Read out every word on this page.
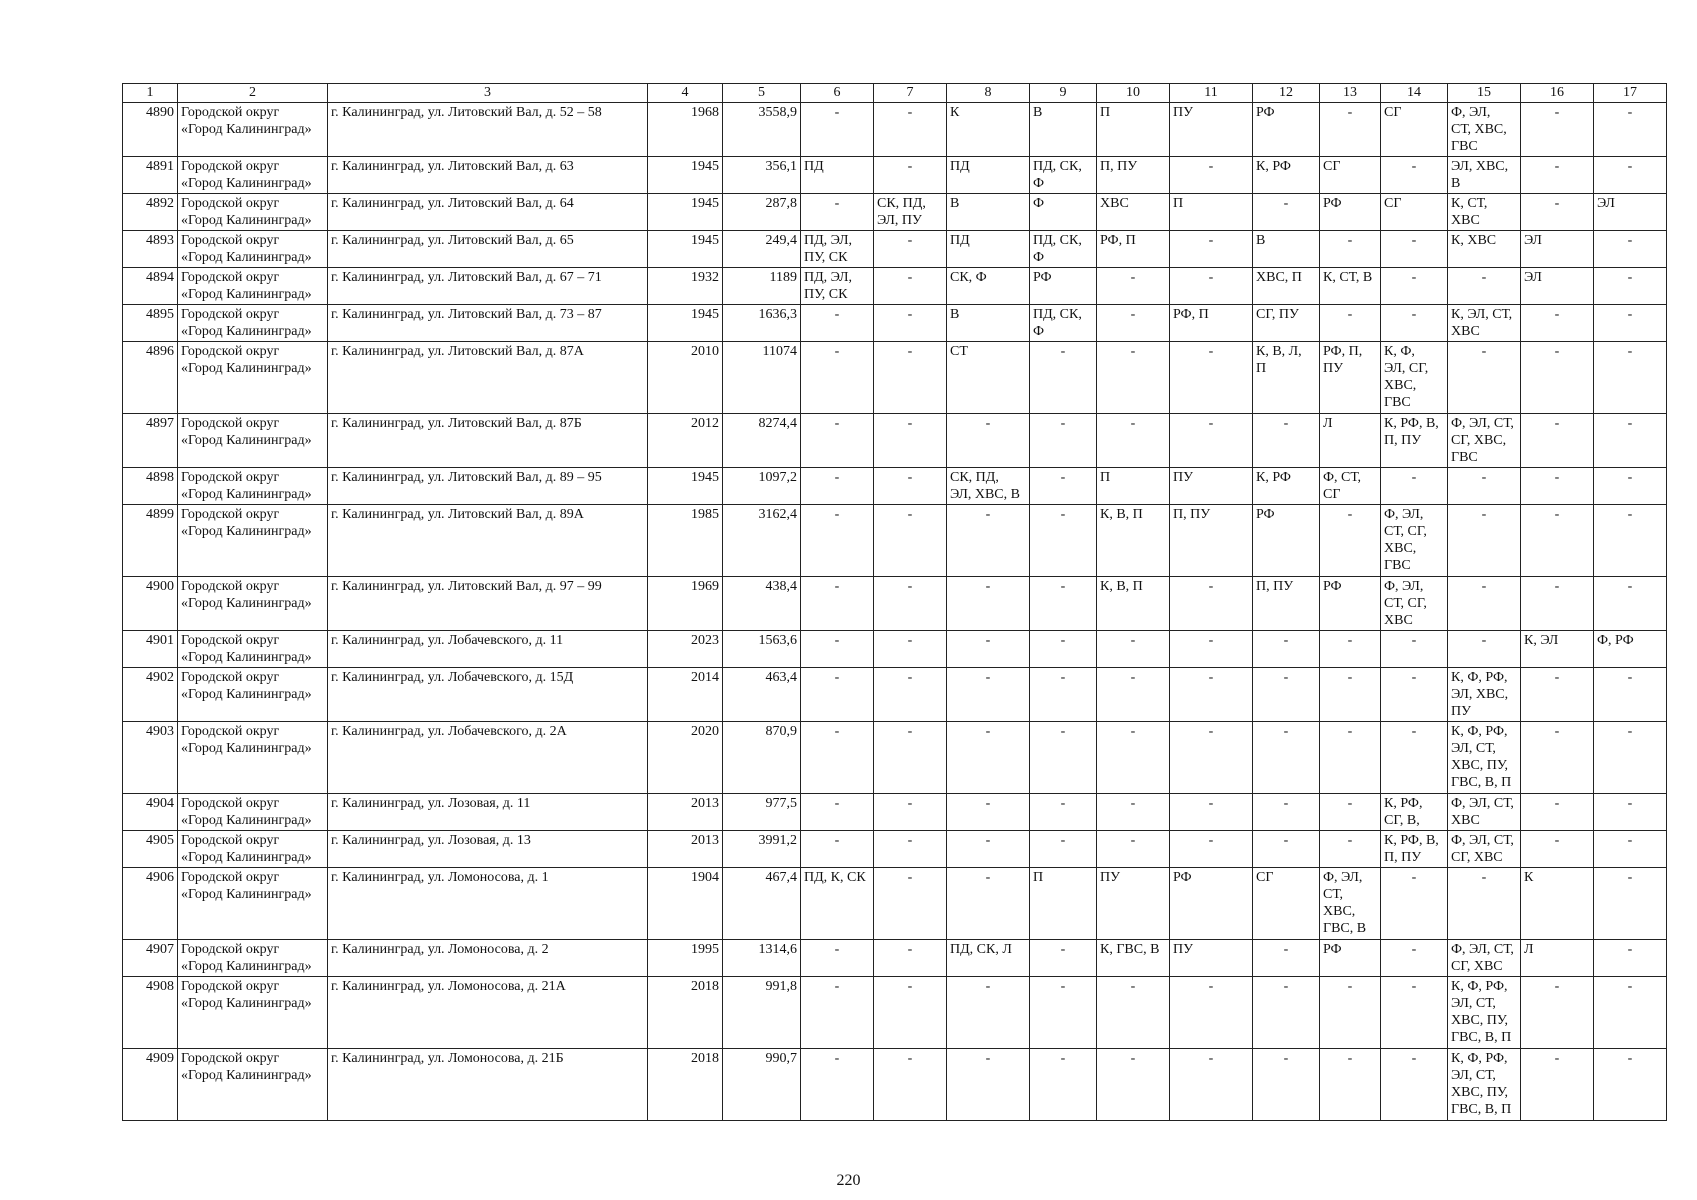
1	2	3	4	5	6	7	8	9	10	11	12	13	14	15	16	17
4890	Городской округ
«Город Калининград»	г. Калининград, ул. Литовский Вал, д. 52 – 58	1968	3558,9	-	-	К	В	П	ПУ	РФ	-	СГ	Ф, ЭЛ,
СТ, ХВС,
ГВС	-	-
4891	Городской округ
«Город Калининград»	г. Калининград, ул. Литовский Вал, д. 63	1945	356,1	ПД	-	ПД	ПД, СК,
Ф	П, ПУ	-	К, РФ	СГ	-	ЭЛ, ХВС,
В	-	-
4892	Городской округ
«Город Калининград»	г. Калининград, ул. Литовский Вал, д. 64	1945	287,8	-	СК, ПД,
ЭЛ, ПУ	В	Ф	ХВС	П	-	РФ	СГ	К, СТ,
ХВС	-	ЭЛ
4893	Городской округ
«Город Калининград»	г. Калининград, ул. Литовский Вал, д. 65	1945	249,4	ПД, ЭЛ,
ПУ, СК	-	ПД	ПД, СК,
Ф	РФ, П	-	В	-	-	К, ХВС	ЭЛ	-
4894	Городской округ
«Город Калининград»	г. Калининград, ул. Литовский Вал, д. 67 – 71	1932	1189	ПД, ЭЛ,
ПУ, СК	-	СК, Ф	РФ	-	-	ХВС, П	К, СТ, В	-	-	ЭЛ	-
4895	Городской округ
«Город Калининград»	г. Калининград, ул. Литовский Вал, д. 73 – 87	1945	1636,3	-	-	В	ПД, СК,
Ф	-	РФ, П	СГ, ПУ	-	-	К, ЭЛ, СТ,
ХВС	-	-
4896	Городской округ
«Город Калининград»	г. Калининград, ул. Литовский Вал, д. 87А	2010	11074	-	-	СТ	-	-	-	К, В, Л,
П	РФ, П,
ПУ	К, Ф,
ЭЛ, СГ,
ХВС,
ГВС	-	-	-
4897	Городской округ
«Город Калининград»	г. Калининград, ул. Литовский Вал, д. 87Б	2012	8274,4	-	-	-	-	-	-	-	Л	К, РФ, В,
П, ПУ	Ф, ЭЛ, СТ,
СГ, ХВС,
ГВС	-	-
4898	Городской округ
«Город Калининград»	г. Калининград, ул. Литовский Вал, д. 89 – 95	1945	1097,2	-	-	СК, ПД,
ЭЛ, ХВС, В	-	П	ПУ	К, РФ	Ф, СТ,
СГ	-	-	-	-
4899	Городской округ
«Город Калининград»	г. Калининград, ул. Литовский Вал, д. 89А	1985	3162,4	-	-	-	-	К, В, П	П, ПУ	РФ	-	Ф, ЭЛ,
СТ, СГ,
ХВС,
ГВС	-	-	-
4900	Городской округ
«Город Калининград»	г. Калининград, ул. Литовский Вал, д. 97 – 99	1969	438,4	-	-	-	-	К, В, П	-	П, ПУ	РФ	Ф, ЭЛ,
СТ, СГ,
ХВС	-	-	-
4901	Городской округ
«Город Калининград»	г. Калининград, ул. Лобачевского, д. 11	2023	1563,6	-	-	-	-	-	-	-	-	-	-	К, ЭЛ	Ф, РФ
4902	Городской округ
«Город Калининград»	г. Калининград, ул. Лобачевского, д. 15Д	2014	463,4	-	-	-	-	-	-	-	-	-	К, Ф, РФ,
ЭЛ, ХВС,
ПУ	-	-
4903	Городской округ
«Город Калининград»	г. Калининград, ул. Лобачевского, д. 2А	2020	870,9	-	-	-	-	-	-	-	-	-	К, Ф, РФ,
ЭЛ, СТ,
ХВС, ПУ,
ГВС, В, П	-	-
4904	Городской округ
«Город Калининград»	г. Калининград, ул. Лозовая, д. 11	2013	977,5	-	-	-	-	-	-	-	-	К, РФ,
СГ, В,	Ф, ЭЛ, СТ,
ХВС	-	-
4905	Городской округ
«Город Калининград»	г. Калининград, ул. Лозовая, д. 13	2013	3991,2	-	-	-	-	-	-	-	-	К, РФ, В,
П, ПУ	Ф, ЭЛ, СТ,
СГ, ХВС	-	-
4906	Городской округ
«Город Калининград»	г. Калининград, ул. Ломоносова, д. 1	1904	467,4	ПД, К, СК	-	-	П	ПУ	РФ	СГ	Ф, ЭЛ,
СТ,
ХВС,
ГВС, В	-	-	К	-
4907	Городской округ
«Город Калининград»	г. Калининград, ул. Ломоносова, д. 2	1995	1314,6	-	-	ПД, СК, Л	-	К, ГВС, В	ПУ	-	РФ	-	Ф, ЭЛ, СТ,
СГ, ХВС	Л	-
4908	Городской округ
«Город Калининград»	г. Калининград, ул. Ломоносова, д. 21А	2018	991,8	-	-	-	-	-	-	-	-	-	К, Ф, РФ,
ЭЛ, СТ,
ХВС, ПУ,
ГВС, В, П	-	-
4909	Городской округ
«Город Калининград»	г. Калининград, ул. Ломоносова, д. 21Б	2018	990,7	-	-	-	-	-	-	-	-	-	К, Ф, РФ,
ЭЛ, СТ,
ХВС, ПУ,
ГВС, В, П	-	-
220
